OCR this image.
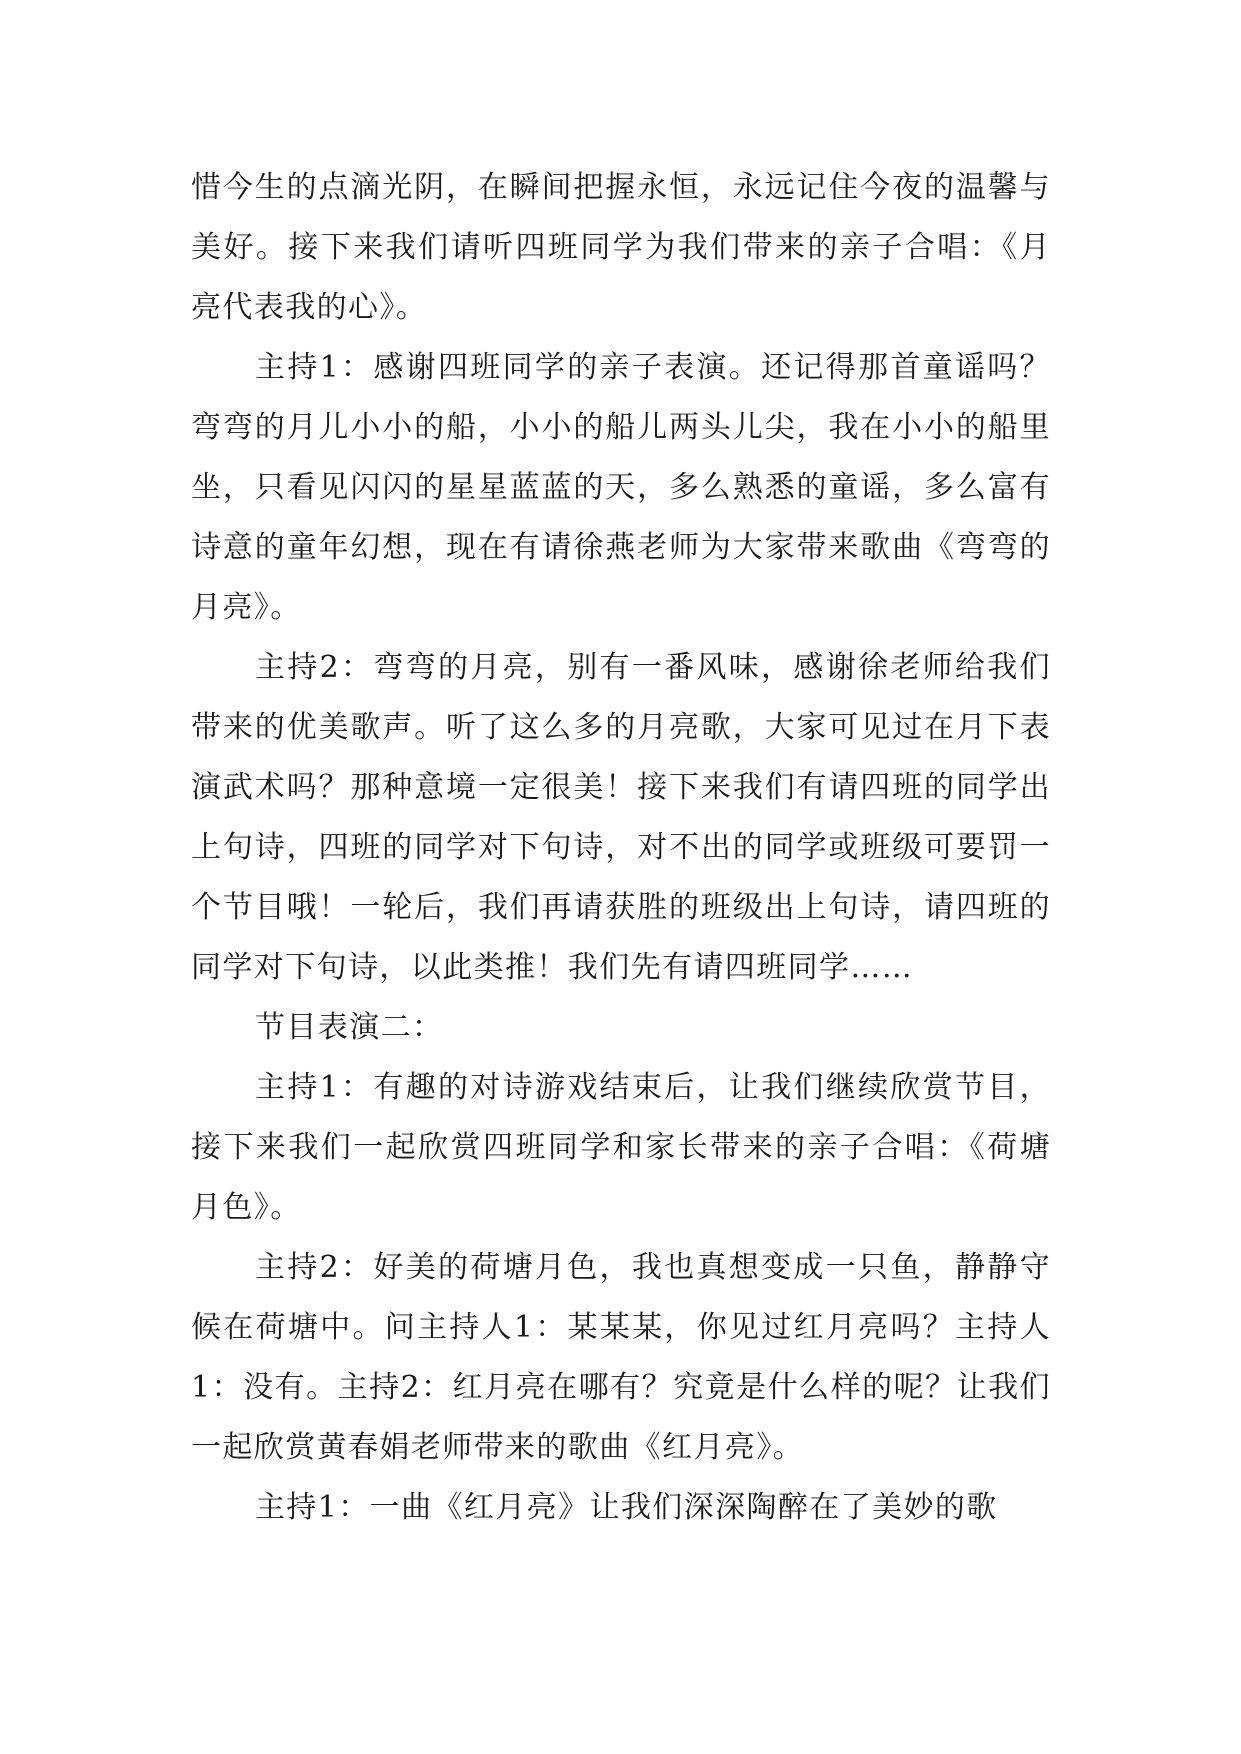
惜今生的点滴光阴，在瞬间把握永恒，永远记住今夜的温馨与美好。接下来我们请听四班同学为我们带来的亲子合唱：《月亮代表我的心》。

主持1：感谢四班同学的亲子表演。还记得那首童谣吗？弯弯的月儿小小的船，小小的船儿两头儿尖，我在小小的船里坐，只看见闪闪的星星蓝蓝的天，多么熟悉的童谣，多么富有诗意的童年幻想，现在有请徐燕老师为大家带来歌曲《弯弯的月亮》。

主持2：弯弯的月亮，别有一番风味，感谢徐老师给我们带来的优美歌声。听了这么多的月亮歌，大家可见过在月下表演武术吗？那种意境一定很美！接下来我们有请四班的同学出上句诗，四班的同学对下句诗，对不出的同学或班级可要罚一个节目哦！一轮后，我们再请获胜的班级出上句诗，请四班的同学对下句诗，以此类推！我们先有请四班同学……

节目表演二：

主持1：有趣的对诗游戏结束后，让我们继续欣赏节目，接下来我们一起欣赏四班同学和家长带来的亲子合唱：《荷塘月色》。

主持2：好美的荷塘月色，我也真想变成一只鱼，静静守候在荷塘中。问主持人1：某某某，你见过红月亮吗？主持人1：没有。主持2：红月亮在哪有？究竟是什么样的呢？让我们一起欣赏黄春娟老师带来的歌曲《红月亮》。

主持1：一曲《红月亮》让我们深深陶醉在了美妙的歌
